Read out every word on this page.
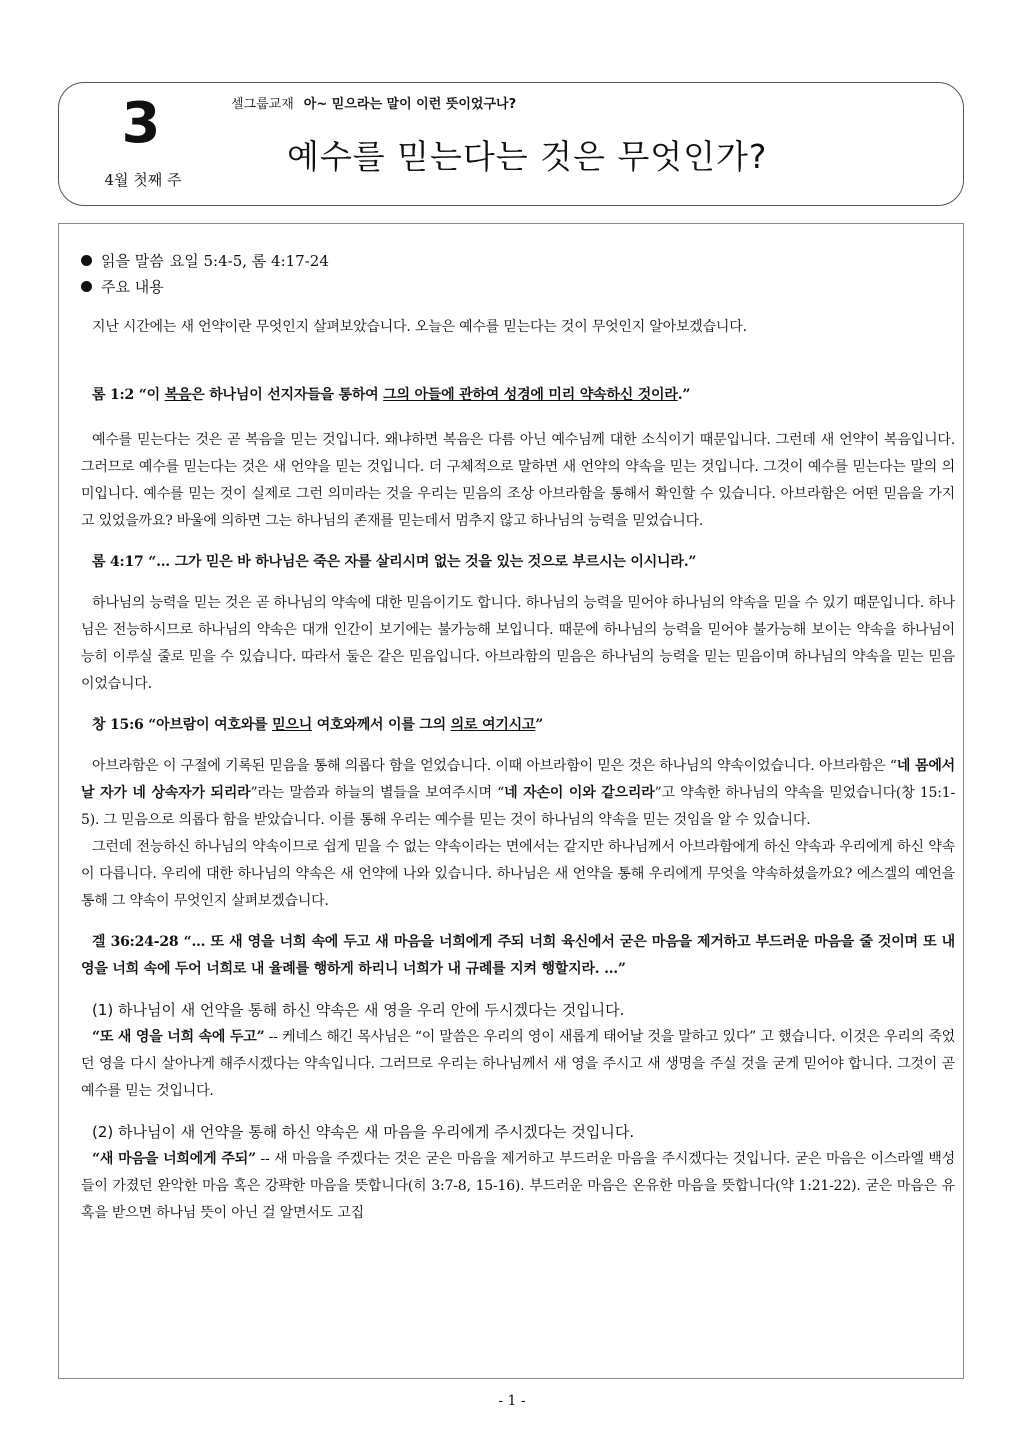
3
4월 첫째 주
셀그룹교재 아~ 믿으라는 말이 이런 뜻이었구나?
예수를 믿는다는 것은 무엇인가?
읽을 말씀 요일 5:4-5, 롬 4:17-24
주요 내용

지난 시간에는 새 언약이란 무엇인지 살펴보았습니다. 오늘은 예수를 믿는다는 것이 무엇인지 알아보겠습니다.

롬 1:2 “이 복음은 하나님이 선지자들을 통하여 그의 아들에 관하여 성경에 미리 약속하신 것이라.”

예수를 믿는다는 것은 곧 복음을 믿는 것입니다. 왜냐하면 복음은 다름 아닌 예수님께 대한 소식이기 때문입니다. 그런데 새 언약이 복음입니다. 그러므로 예수를 믿는다는 것은 새 언약을 믿는 것입니다. 더 구체적으로 말하면 새 언약의 약속을 믿는 것입니다. 그것이 예수를 믿는다는 말의 의미입니다. 예수를 믿는 것이 실제로 그런 의미라는 것을 우리는 믿음의 조상 아브라함을 통해서 확인할 수 있습니다. 아브라함은 어떤 믿음을 가지고 있었을까요? 바울에 의하면 그는 하나님의 존재를 믿는데서 멈추지 않고 하나님의 능력을 믿었습니다.

롬 4:17 “… 그가 믿은 바 하나님은 죽은 자를 살리시며 없는 것을 있는 것으로 부르시는 이시니라.”

하나님의 능력을 믿는 것은 곧 하나님의 약속에 대한 믿음이기도 합니다. 하나님의 능력을 믿어야 하나님의 약속을 믿을 수 있기 때문입니다. 하나님은 전능하시므로 하나님의 약속은 대개 인간이 보기에는 불가능해 보입니다. 때문에 하나님의 능력을 믿어야 불가능해 보이는 약속을 하나님이 능히 이루실 줄로 믿을 수 있습니다. 따라서 둘은 같은 믿음입니다. 아브라함의 믿음은 하나님의 능력을 믿는 믿음이며 하나님의 약속을 믿는 믿음이었습니다.

창 15:6 “아브람이 여호와를 믿으니 여호와께서 이를 그의 의로 여기시고”

아브라함은 이 구절에 기록된 믿음을 통해 의롭다 함을 얻었습니다. 이때 아브라함이 믿은 것은 하나님의 약속이었습니다. 아브라함은 “네 몸에서 날 자가 네 상속자가 되리라”라는 말씀과 하늘의 별들을 보여주시며 “네 자손이 이와 같으리라”고 약속한 하나님의 약속을 믿었습니다(창 15:1-5). 그 믿음으로 의롭다 함을 받았습니다. 이를 통해 우리는 예수를 믿는 것이 하나님의 약속을 믿는 것임을 알 수 있습니다.

그런데 전능하신 하나님의 약속이므로 쉽게 믿을 수 없는 약속이라는 면에서는 같지만 하나님께서 아브라함에게 하신 약속과 우리에게 하신 약속이 다릅니다. 우리에 대한 하나님의 약속은 새 언약에 나와 있습니다. 하나님은 새 언약을 통해 우리에게 무엇을 약속하셨을까요? 에스겔의 예언을 통해 그 약속이 무엇인지 살펴보겠습니다.

겔 36:24-28 “… 또 새 영을 너희 속에 두고 새 마음을 너희에게 주되 너희 육신에서 굳은 마음을 제거하고 부드러운 마음을 줄 것이며 또 내 영을 너희 속에 두어 너희로 내 율례를 행하게 하리니 너희가 내 규례를 지켜 행할지라. …”

(1) 하나님이 새 언약을 통해 하신 약속은 새 영을 우리 안에 두시겠다는 것입니다.

“또 새 영을 너희 속에 두고” -- 케네스 해긴 목사님은 “이 말씀은 우리의 영이 새롭게 태어날 것을 말하고 있다” 고 했습니다. 이것은 우리의 죽었던 영을 다시 살아나게 해주시겠다는 약속입니다. 그러므로 우리는 하나님께서 새 영을 주시고 새 생명을 주실 것을 굳게 믿어야 합니다. 그것이 곧 예수를 믿는 것입니다.

(2) 하나님이 새 언약을 통해 하신 약속은 새 마음을 우리에게 주시겠다는 것입니다.

“새 마음을 너희에게 주되” -- 새 마음을 주겠다는 것은 굳은 마음을 제거하고 부드러운 마음을 주시겠다는 것입니다. 굳은 마음은 이스라엘 백성들이 가졌던 완악한 마음 혹은 강퍅한 마음을 뜻합니다(히 3:7-8, 15-16). 부드러운 마음은 온유한 마음을 뜻합니다(약 1:21-22). 굳은 마음은 유혹을 받으면 하나님 뜻이 아닌 걸 알면서도 고집

- 1 -
